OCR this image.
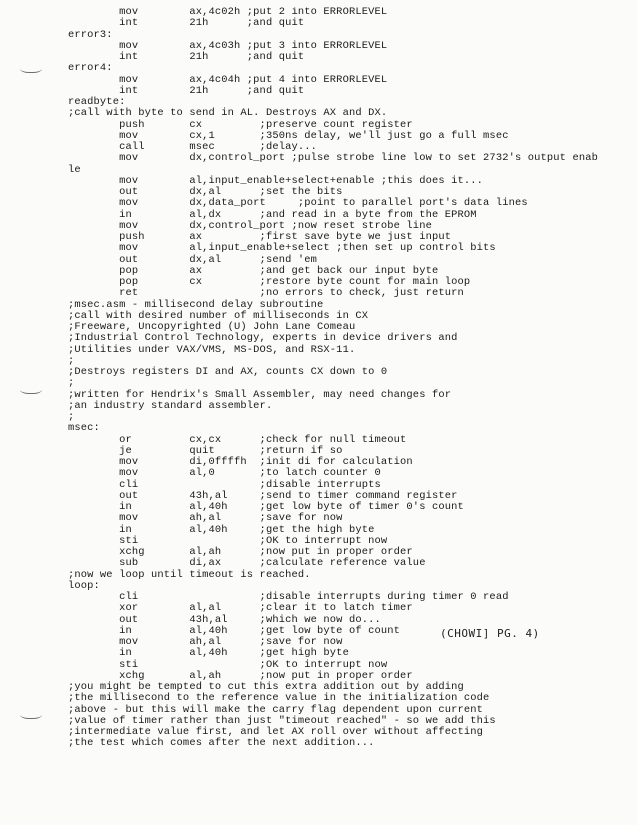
mov        ax,4c02h ;put 2 into ERRORLEVEL
int        21h      ;and quit
error3:
mov        ax,4c03h ;put 3 into ERRORLEVEL
int        21h      ;and quit
error4:
mov        ax,4c04h ;put 4 into ERRORLEVEL
int        21h      ;and quit
readbyte:
;call with byte to send in AL. Destroys AX and DX.
push       cx         ;preserve count register
mov        cx,1       ;350ns delay, we'll just go a full msec
call       msec       ;delay...
mov        dx,control_port ;pulse strobe line low to set 2732's output enab
le
mov        al,input_enable+select+enable ;this does it...
out        dx,al      ;set the bits
mov        dx,data_port     ;point to parallel port's data lines
in         al,dx      ;and read in a byte from the EPROM
mov        dx,control_port ;now reset strobe line
push       ax         ;first save byte we just input
mov        al,input_enable+select ;then set up control bits
out        dx,al      ;send 'em
pop        ax         ;and get back our input byte
pop        cx         ;restore byte count for main loop
ret                   ;no errors to check, just return
;msec.asm - millisecond delay subroutine
;call with desired number of milliseconds in CX
;Freeware, Uncopyrighted (U) John Lane Comeau
;Industrial Control Technology, experts in device drivers and
;Utilities under VAX/VMS, MS-DOS, and RSX-11.
;
;Destroys registers DI and AX, counts CX down to 0
;
;written for Hendrix's Small Assembler, may need changes for
;an industry standard assembler.
;
msec:
or         cx,cx      ;check for null timeout
je         quit       ;return if so
mov        di,0ffffh  ;init di for calculation
mov        al,0       ;to latch counter 0
cli                   ;disable interrupts
out        43h,al     ;send to timer command register
in         al,40h     ;get low byte of timer 0's count
mov        ah,al      ;save for now
in         al,40h     ;get the high byte
sti                   ;OK to interrupt now
xchg       al,ah      ;now put in proper order
sub        di,ax      ;calculate reference value
;now we loop until timeout is reached.
loop:
cli                   ;disable interrupts during timer 0 read
xor        al,al      ;clear it to latch timer
out        43h,al     ;which we now do...
in         al,40h     ;get low byte of count
mov        ah,al      ;save for now
in         al,40h     ;get high byte
sti                   ;OK to interrupt now
xchg       al,ah      ;now put in proper order
;you might be tempted to cut this extra addition out by adding
;the millisecond to the reference value in the initialization code
;above - but this will make the carry flag dependent upon current
;value of timer rather than just "timeout reached" - so we add this
;intermediate value first, and let AX roll over without affecting
;the test which comes after the next addition...
(CHOWI] PG. 4)
